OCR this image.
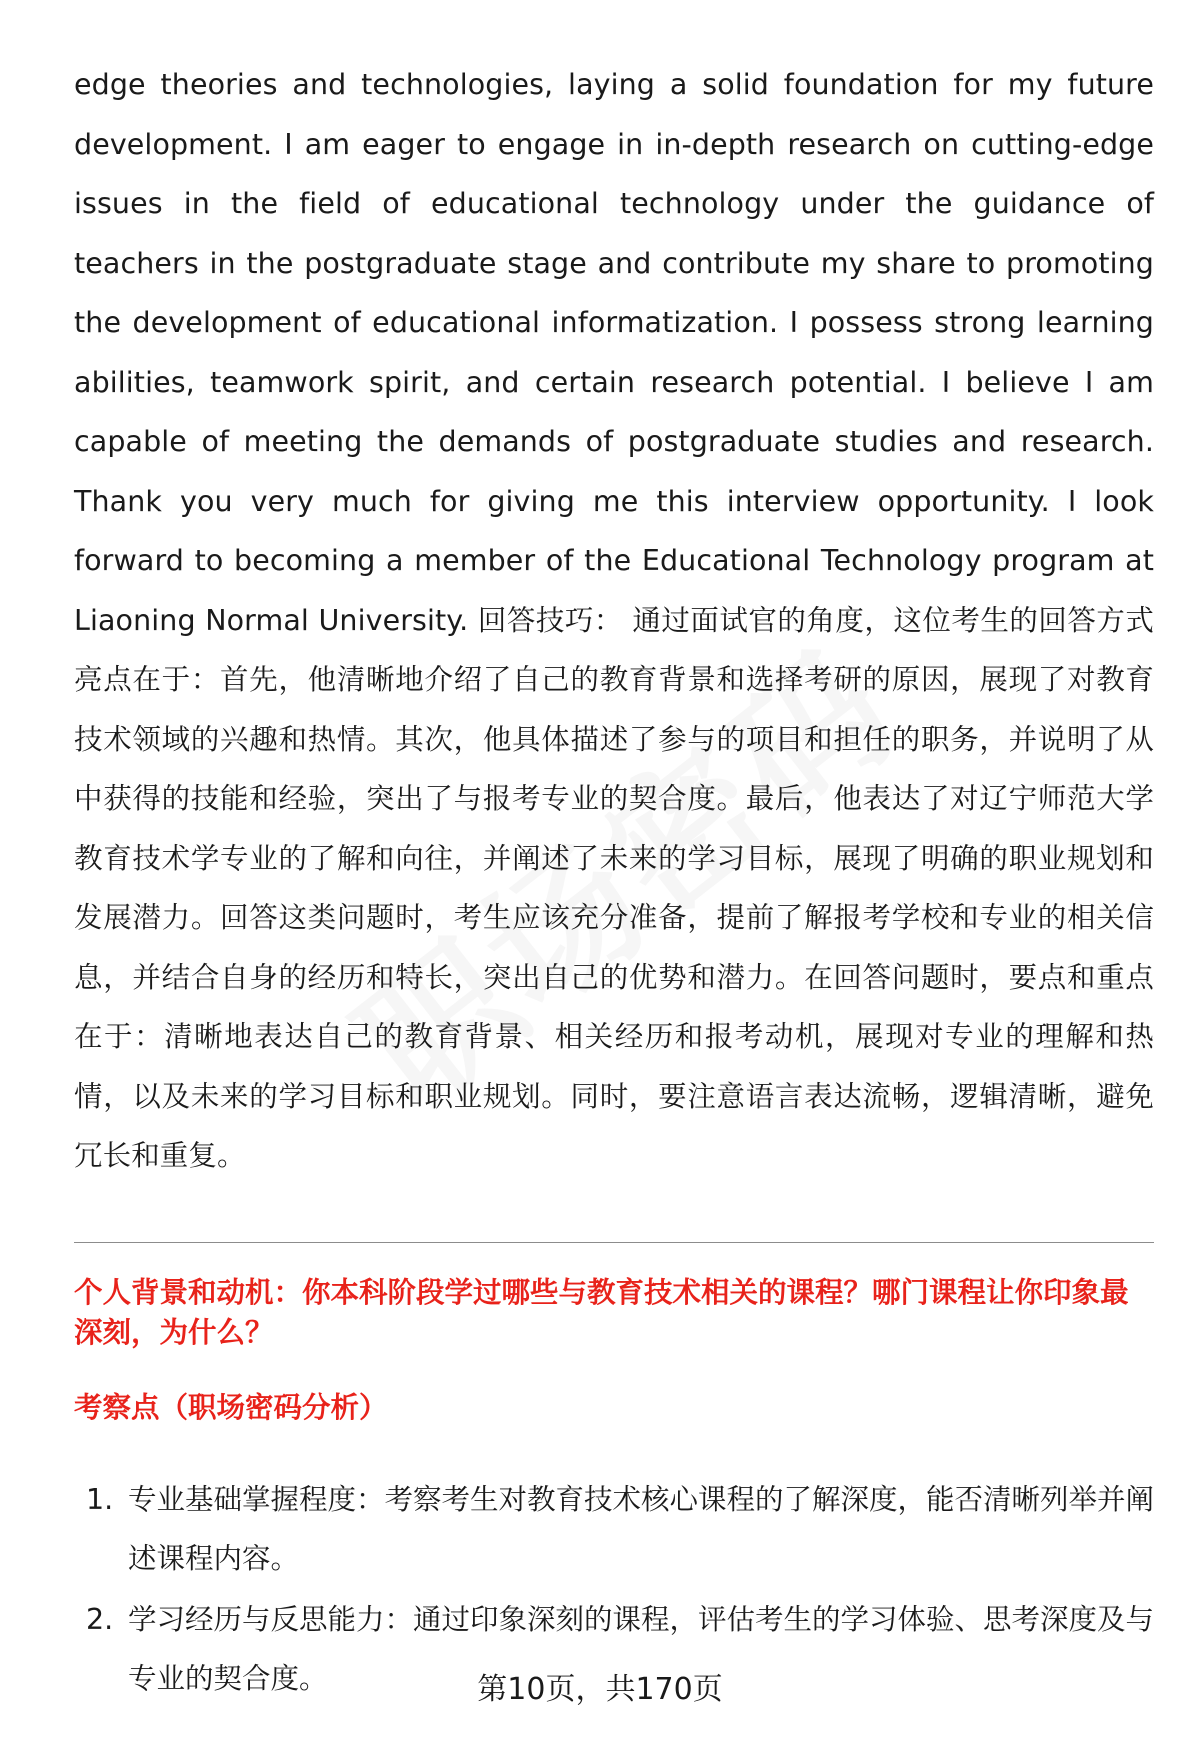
edge theories and technologies, laying a solid foundation for my future development. I am eager to engage in in-depth research on cutting-edge issues in the field of educational technology under the guidance of teachers in the postgraduate stage and contribute my share to promoting the development of educational informatization. I possess strong learning abilities, teamwork spirit, and certain research potential. I believe I am capable of meeting the demands of postgraduate studies and research. Thank you very much for giving me this interview opportunity. I look forward to becoming a member of the Educational Technology program at Liaoning Normal University. 回答技巧： 通过面试官的角度，这位考生的回答方式亮点在于：首先，他清晰地介绍了自己的教育背景和选择考研的原因，展现了对教育技术领域的兴趣和热情。其次，他具体描述了参与的项目和担任的职务，并说明了从中获得的技能和经验，突出了与报考专业的契合度。最后，他表达了对辽宁师范大学教育技术学专业的了解和向往，并阐述了未来的学习目标，展现了明确的职业规划和发展潜力。回答这类问题时，考生应该充分准备，提前了解报考学校和专业的相关信息，并结合自身的经历和特长，突出自己的优势和潜力。在回答问题时，要点和重点在于：清晰地表达自己的教育背景、相关经历和报考动机，展现对专业的理解和热情，以及未来的学习目标和职业规划。同时，要注意语言表达流畅，逻辑清晰，避免冗长和重复。

个人背景和动机：你本科阶段学过哪些与教育技术相关的课程？哪门课程让你印象最深刻，为什么？
考察点（职场密码分析）
1. 专业基础掌握程度：考察考生对教育技术核心课程的了解深度，能否清晰列举并阐述课程内容。
2. 学习经历与反思能力：通过印象深刻的课程，评估考生的学习体验、思考深度及与专业的契合度。	第10页，共170页
